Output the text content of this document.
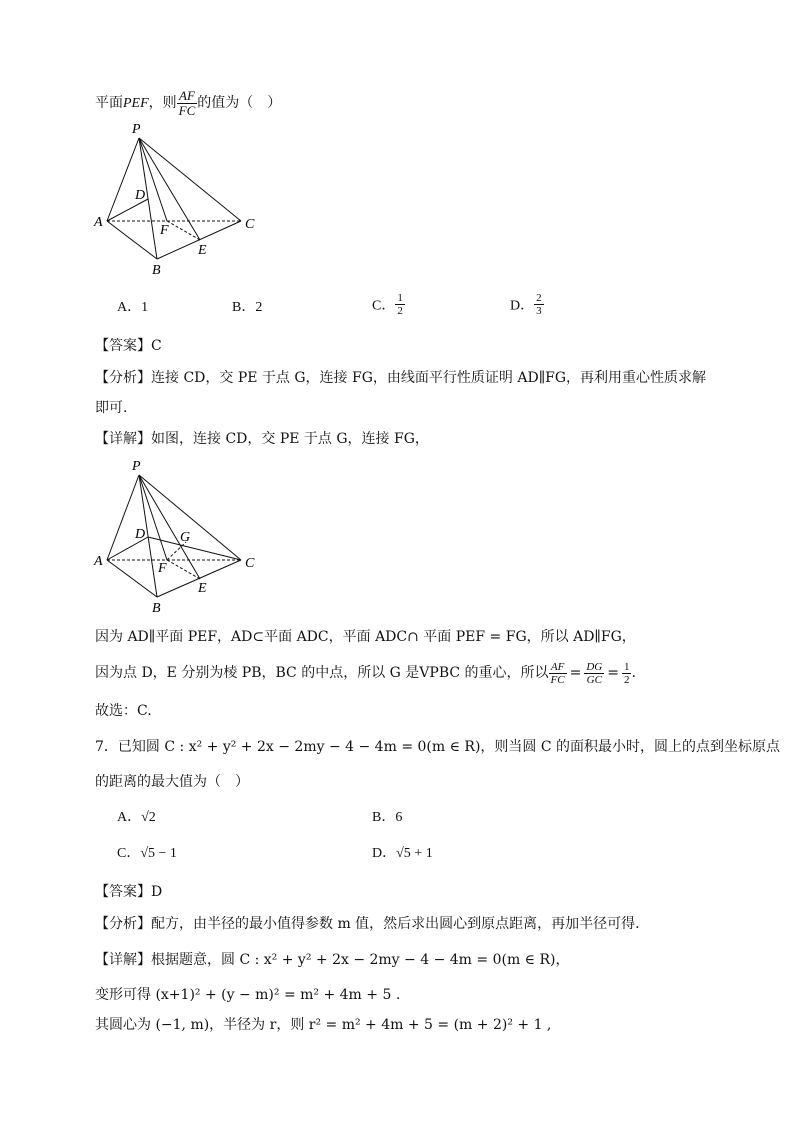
平面PEF，则 $\frac{AF}{FC}$ 的值为（　）
P
D
A
F	C
E
B
A．1	B．2	C． $\frac{1}{2}$	D． $\frac{2}{3}$
【答案】C
【分析】连接 CD，交 PE 于点 G，连接 FG，由线面平行性质证明 AD∥FG，再利用重心性质求解
即可.
【详解】如图，连接 CD，交 PE 于点 G，连接 FG，
P
D G
A	F	C
E
B
因为 AD∥平面 PEF，AD⊂平面 ADC，平面 ADC∩ 平面 PEF = FG，所以 AD∥FG，
因为点 D，E 分别为棱 PB，BC 的中点，所以 G 是VPBC 的重心，所以 $\frac{AF}{FC} = \frac{DG}{GC} = \frac{1}{2}$ .
故选：C.
7．已知圆 C : x² + y² + 2x − 2my − 4 − 4m = 0(m ∈ R)，则当圆 C 的面积最小时，圆上的点到坐标原点
的距离的最大值为（　）
A．√2	B．6
C．√5 − 1	D．√5 + 1
【答案】D
【分析】配方，由半径的最小值得参数 m 值，然后求出圆心到原点距离，再加半径可得.
【详解】根据题意，圆 C : x² + y² + 2x − 2my − 4 − 4m = 0(m ∈ R)，
变形可得 (x+1)² + (y − m)² = m² + 4m + 5 .
其圆心为 (−1, m)，半径为 r，则 r² = m² + 4m + 5 = (m + 2)² + 1 ,
